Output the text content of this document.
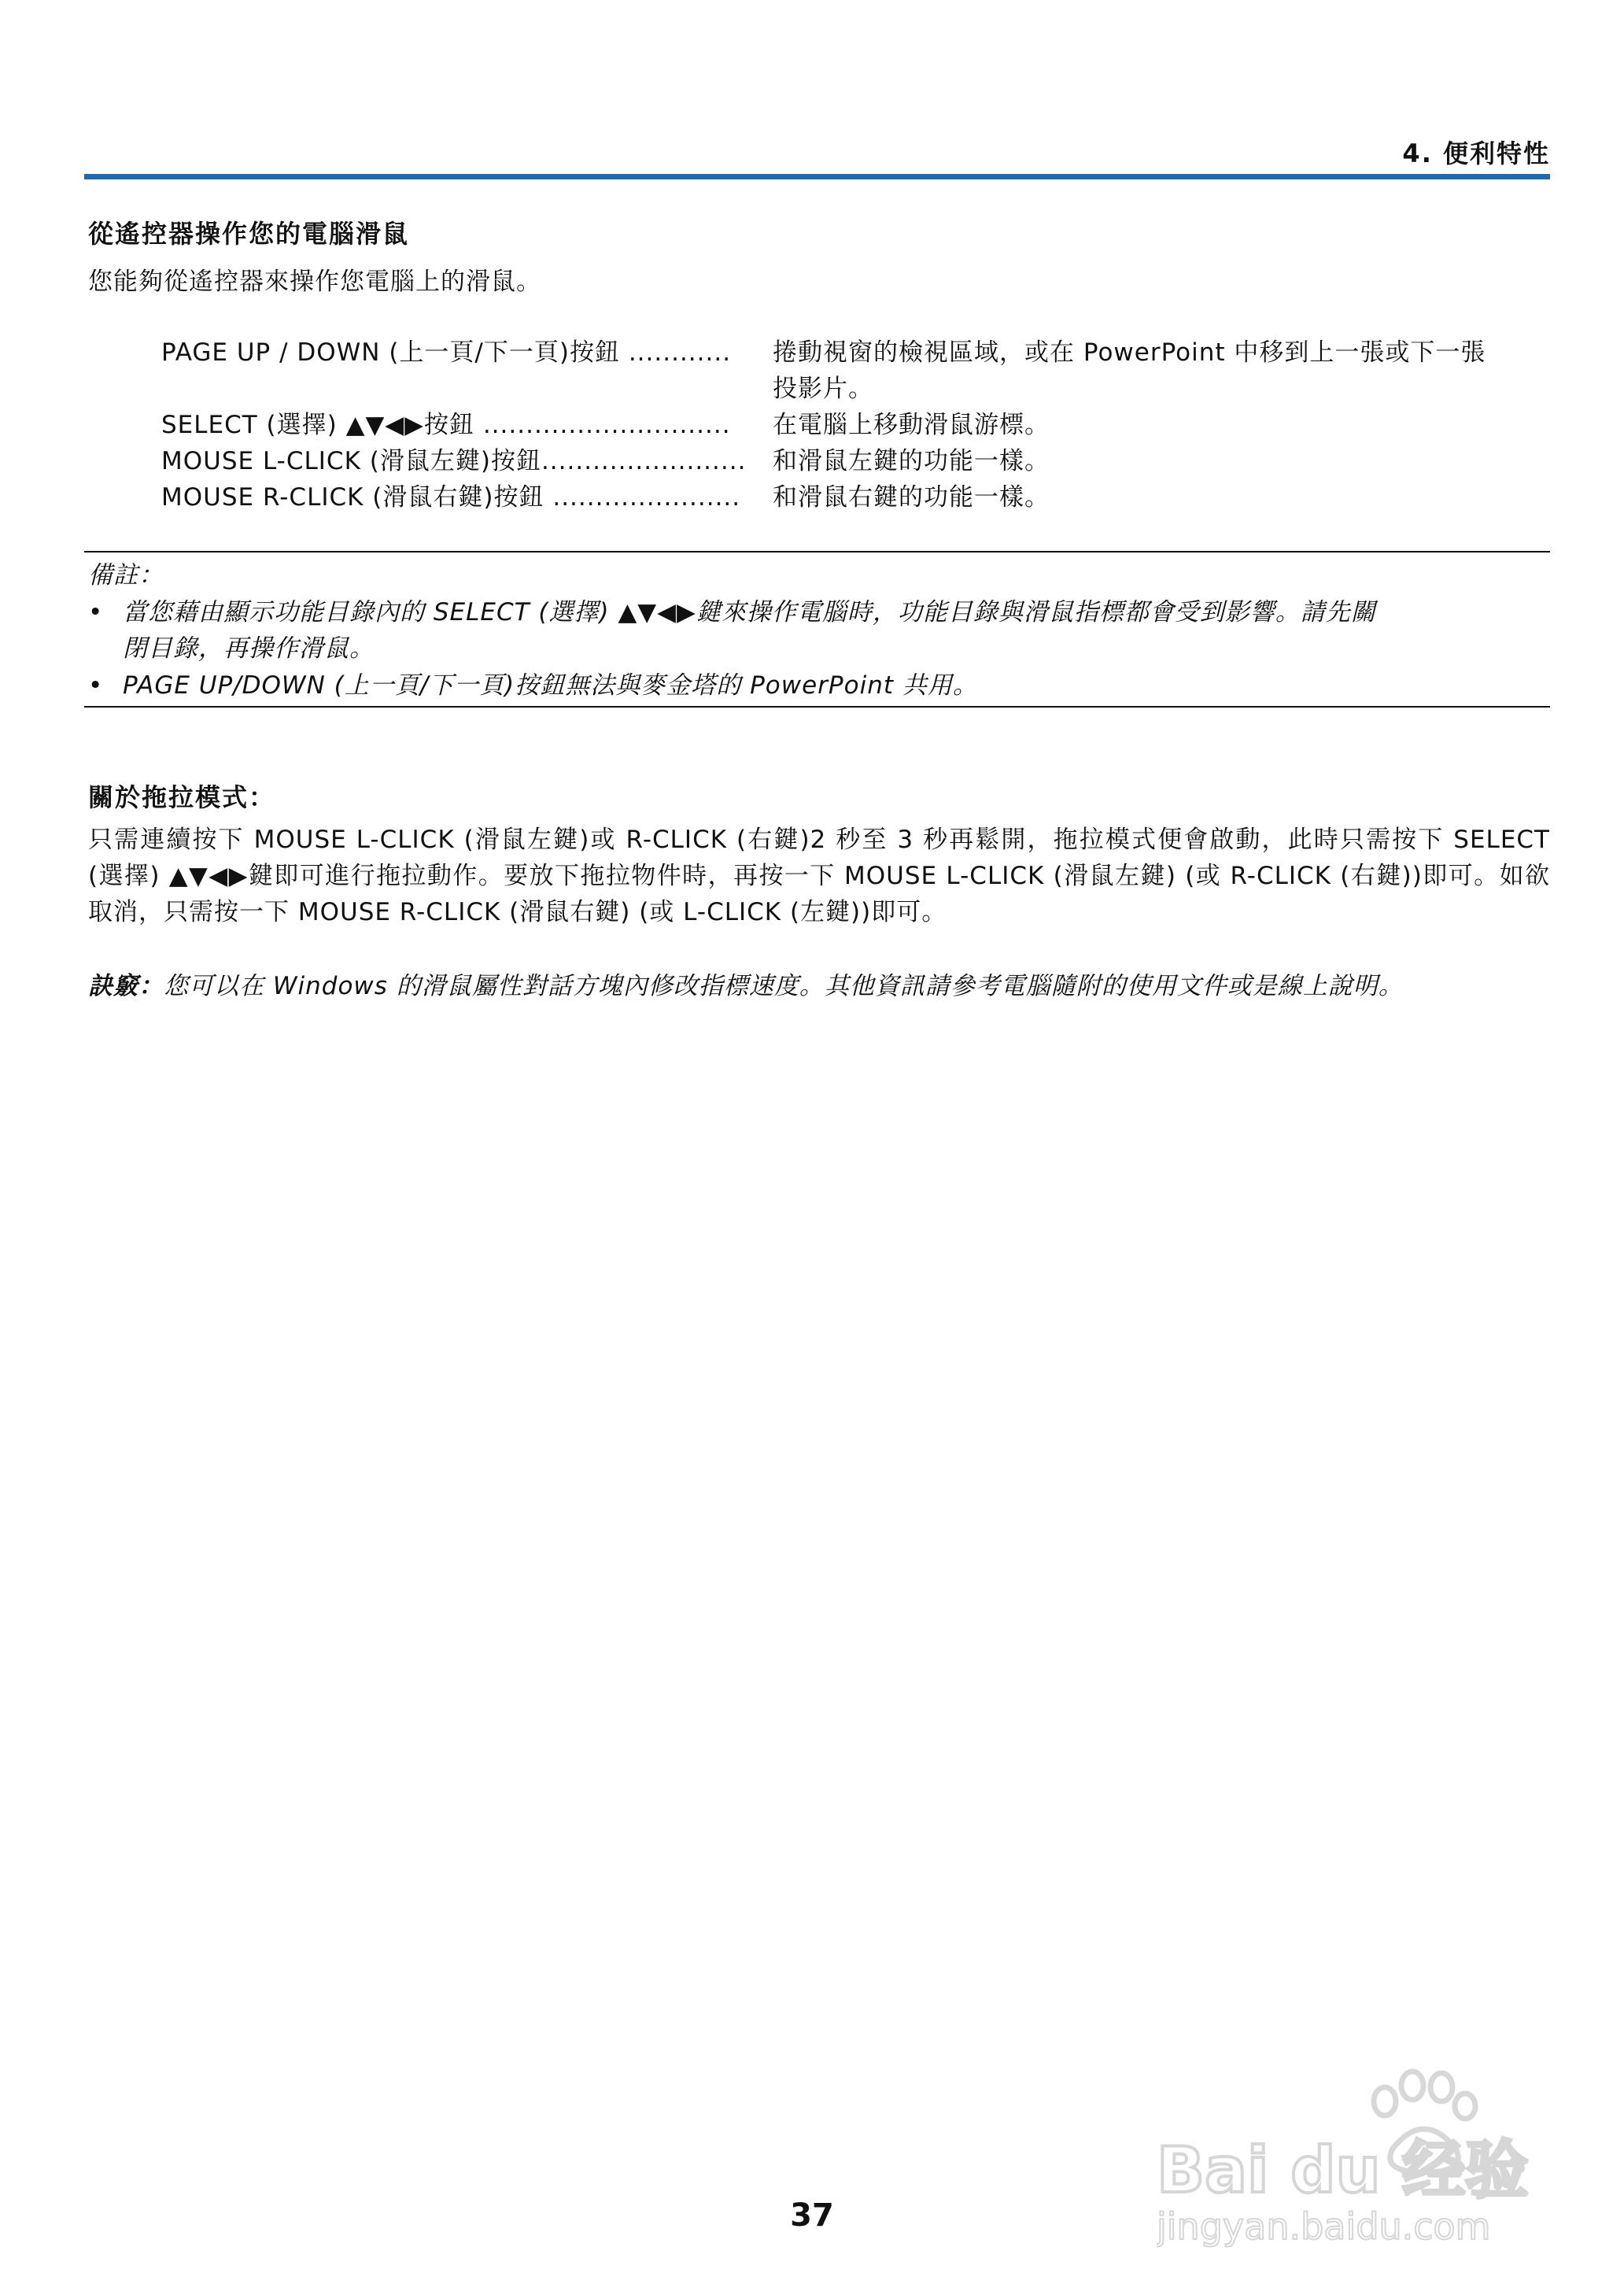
4. 便利特性
從遙控器操作您的電腦滑鼠
您能夠從遙控器來操作您電腦上的滑鼠。
PAGE UP / DOWN (上一頁/下一頁)按鈕 ............ 捲動視窗的檢視區域，或在 PowerPoint 中移到上一張或下一張
投影片。
SELECT (選擇) ▲▼◀▶按鈕 ............................. 在電腦上移動滑鼠游標。
MOUSE L-CLICK (滑鼠左鍵)按鈕........................ 和滑鼠左鍵的功能一樣。
MOUSE R-CLICK (滑鼠右鍵)按鈕 ...................... 和滑鼠右鍵的功能一樣。
備註：
• 當您藉由顯示功能目錄內的 SELECT (選擇) ▲▼◀▶鍵來操作電腦時，功能目錄與滑鼠指標都會受到影響。請先關
閉目錄，再操作滑鼠。
• PAGE UP/DOWN (上一頁/下一頁)按鈕無法與麥金塔的 PowerPoint 共用。
關於拖拉模式：
只需連續按下 MOUSE L-CLICK (滑鼠左鍵)或 R-CLICK (右鍵)2 秒至 3 秒再鬆開，拖拉模式便會啟動，此時只需按下 SELECT (選擇) ▲▼◀▶鍵即可進行拖拉動作。要放下拖拉物件時，再按一下 MOUSE L-CLICK (滑鼠左鍵) (或 R-CLICK (右鍵))即可。如欲取消，只需按一下 MOUSE R-CLICK (滑鼠右鍵) (或 L-CLICK (左鍵))即可。
訣竅：您可以在 Windows 的滑鼠屬性對話方塊內修改指標速度。其他資訊請參考電腦隨附的使用文件或是線上說明。
37
Bai du 经验
jingyan.baidu.com
